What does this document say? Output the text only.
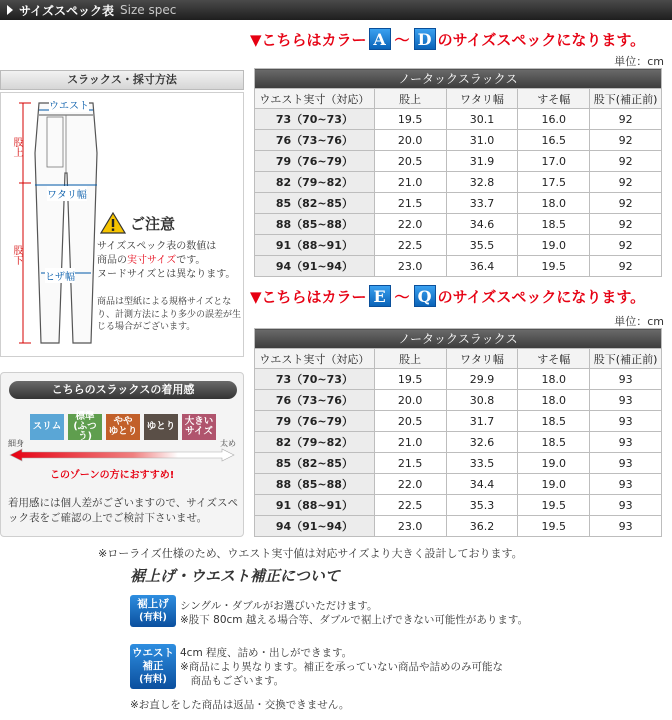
サイズスペック表 Size spec
▼こちらはカラー A 〜 D のサイズスペックになります。
単位：cm
ノータックスラックス				
ウエスト実寸（対応）	股上	ワタリ幅	すそ幅	股下(補正前)
73（70~73）	19.5	30.1	16.0	92
76（73~76）	20.0	31.0	16.5	92
79（76~79）	20.5	31.9	17.0	92
82（79~82）	21.0	32.8	17.5	92
85（82~85）	21.5	33.7	18.0	92
88（85~88）	22.0	34.6	18.5	92
91（88~91）	22.5	35.5	19.0	92
94（91~94）	23.0	36.4	19.5	92
▼こちらはカラー E 〜 Q のサイズスペックになります。
単位：cm
ノータックスラックス				
ウエスト実寸（対応）	股上	ワタリ幅	すそ幅	股下(補正前)
73（70~73）	19.5	29.9	18.0	93
76（73~76）	20.0	30.8	18.0	93
79（76~79）	20.5	31.7	18.5	93
82（79~82）	21.0	32.6	18.5	93
85（82~85）	21.5	33.5	19.0	93
88（85~88）	22.0	34.4	19.0	93
91（88~91）	22.5	35.3	19.5	93
94（91~94）	23.0	36.2	19.5	93
スラックス・採寸方法
ウエスト
ワタリ幅
ヒザ幅
股上
股下
ご注意
サイズスペック表の数値は
商品の実寸サイズです。
ヌードサイズとは異なります。
商品は型紙による規格サイズとなり、計測方法により多少の誤差が生じる場合がございます。
こちらのスラックスの着用感
スリム
標準
(ふつう)
やや
ゆとり ゆとり 大きい
サイズ
細身	太め
このゾーンの方におすすめ!
着用感には個人差がございますので、サイズスペック表をご確認の上でご検討下さいませ。
※ローライズ仕様のため、ウエスト実寸値は対応サイズより大きく設計しております。
裾上げ・ウエスト補正について
裾上げ
(有料)
シングル・ダブルがお選びいただけます。
※股下 80cm 越える場合等、ダブルで裾上げできない可能性があります。
ウエスト
補正
(有料)
4cm 程度、詰め・出しができます。
※商品により異なります。補正を承っていない商品や詰めのみ可能な
　商品もございます。
※お直しをした商品は返品・交換できません。
